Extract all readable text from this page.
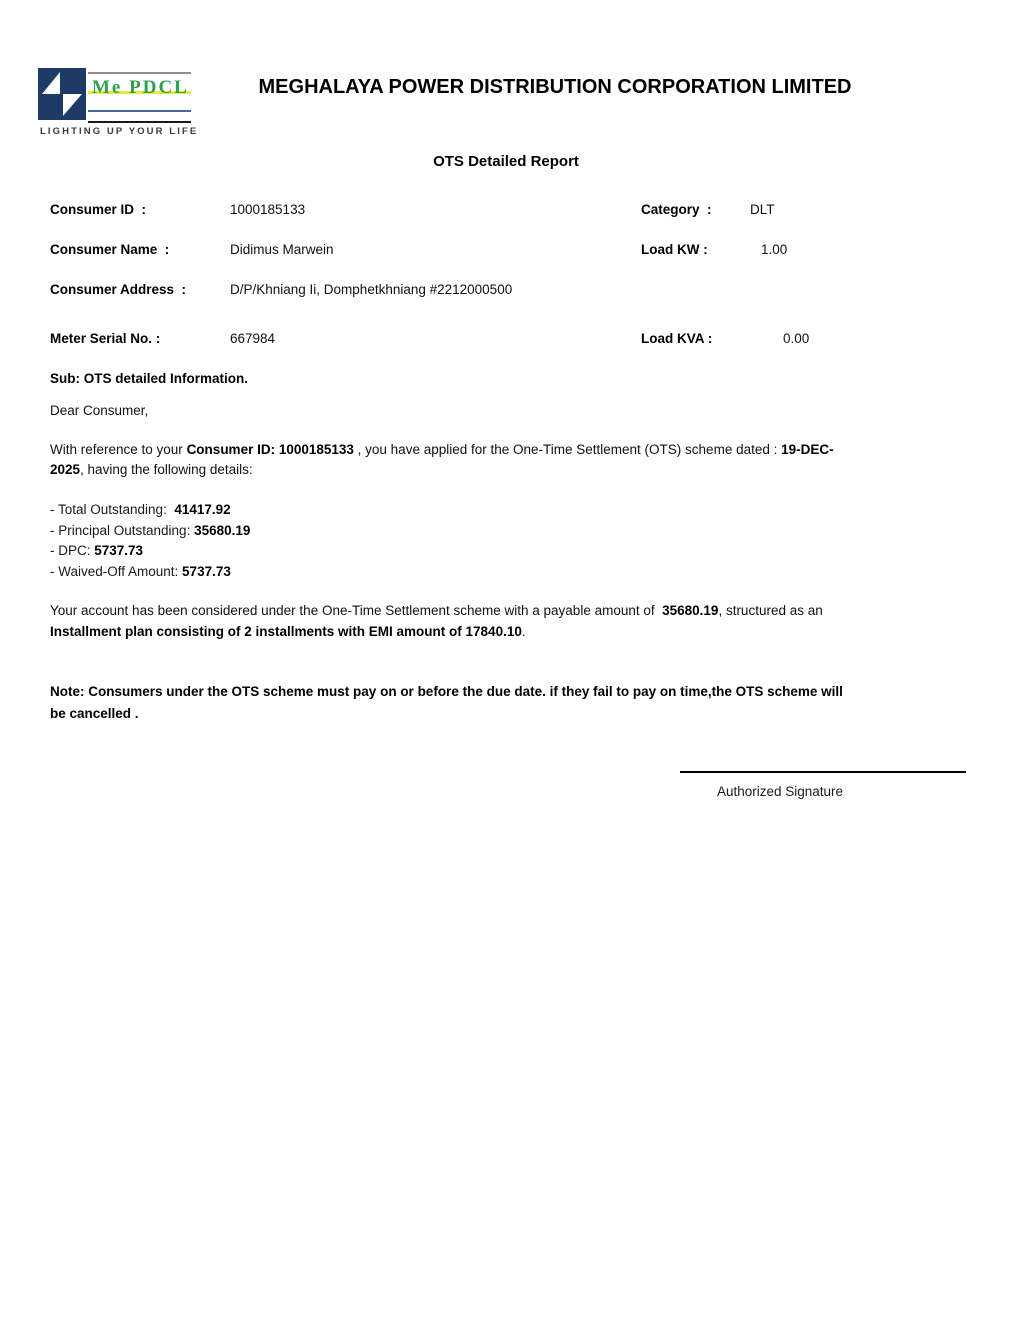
Me PDCL
LIGHTING UP YOUR LIFE
MEGHALAYA POWER DISTRIBUTION CORPORATION LIMITED
OTS Detailed Report
Consumer ID  :	1000185133	Category  :	DLT
Consumer Name  :	Didimus Marwein	Load KW :	1.00
Consumer Address  :	D/P/Khniang Ii, Domphetkhniang #2212000500
Meter Serial No. :	667984	Load KVA :	0.00
Sub: OTS detailed Information.
Dear Consumer,
With reference to your Consumer ID: 1000185133 , you have applied for the One-Time Settlement (OTS) scheme dated : 19-DEC-2025, having the following details:
- Total Outstanding:  41417.92
- Principal Outstanding: 35680.19
- DPC: 5737.73
- Waived-Off Amount: 5737.73
Your account has been considered under the One-Time Settlement scheme with a payable amount of  35680.19, structured as an Installment plan consisting of 2 installments with EMI amount of 17840.10.
Note: Consumers under the OTS scheme must pay on or before the due date. if they fail to pay on time,the OTS scheme will be cancelled .
Authorized Signature
